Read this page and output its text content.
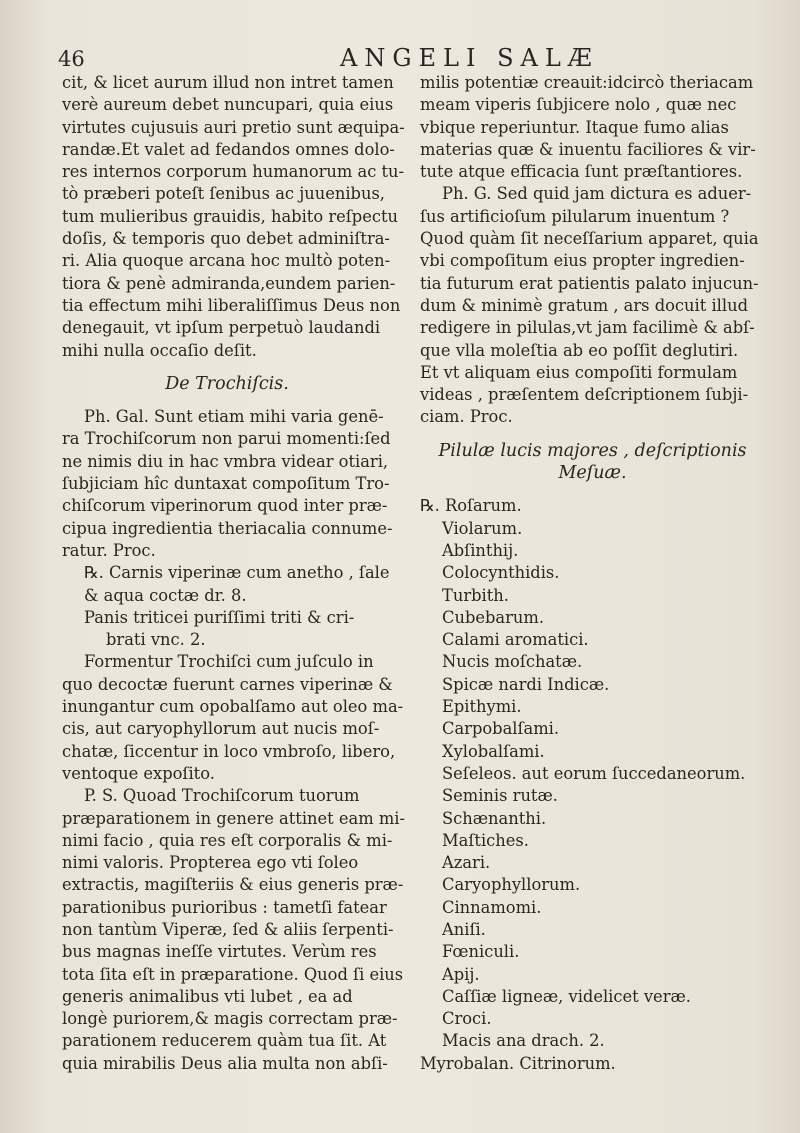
46	ANGELI SALÆ
cit, & licet aurum illud non intret tamen
verè aureum debet nuncupari, quia eius
virtutes cujusuis auri pretio sunt æquipa-
randæ.Et valet ad fedandos omnes dolo-
res internos corporum humanorum ac tu-
tò præberi poteſt ſenibus ac juuenibus,
tum mulieribus grauidis, habito reſpectu
doſis, & temporis quo debet adminiſtra-
ri. Alia quoque arcana hoc multò poten-
tiora & penè admiranda,eundem parien-
tia effectum mihi liberaliſſimus Deus non
denegauit, vt ipſum perpetuò laudandi
mihi nulla occaſio deſit.
De Trochiſcis.
Ph. Gal. Sunt etiam mihi varia genē-
ra Trochiſcorum non parui momenti:ſed
ne nimis diu in hac vmbra videar otiari,
ſubjiciam hîc duntaxat compoſitum Tro-
chiſcorum viperinorum quod inter præ-
cipua ingredientia theriacalia connume-
ratur. Proc.
℞. Carnis viperinæ cum anetho , ſale
& aqua coctæ dr. 8.
Panis triticei puriſſimi triti & cri-
brati vnc. 2.
Formentur Trochiſci cum juſculo in
quo decoctæ fuerunt carnes viperinæ &
inungantur cum opobalſamo aut oleo ma-
cis, aut caryophyllorum aut nucis moſ-
chatæ, ſiccentur in loco vmbroſo, libero,
ventoque expoſito.
P. S. Quoad Trochiſcorum tuorum
præparationem in genere attinet eam mi-
nimi facio , quia res eſt corporalis & mi-
nimi valoris. Propterea ego vti ſoleo
extractis, magiſteriis & eius generis præ-
parationibus purioribus : tametſi fatear
non tantùm Viperæ, ſed & aliis ſerpenti-
bus magnas ineſſe virtutes. Verùm res
tota ſita eſt in præparatione. Quod ſi eius
generis animalibus vti lubet , ea ad
longè puriorem,& magis correctam præ-
parationem reducerem quàm tua ſit. At
quia mirabilis Deus alia multa non abſi-
milis potentiæ creauit:idcircò theriacam
meam viperis ſubjicere nolo , quæ nec
vbique reperiuntur. Itaque fumo alias
materias quæ & inuentu faciliores & vir-
tute atque efficacia ſunt præſtantiores.
Ph. G. Sed quid jam dictura es aduer-
ſus artificioſum pilularum inuentum ?
Quod quàm ſit neceſſarium apparet, quia
vbi compoſitum eius propter ingredien-
tia futurum erat patientis palato injucun-
dum & minimè gratum , ars docuit illud
redigere in pilulas,vt jam facilimè & abſ-
que vlla moleſtia ab eo poſſit deglutiri.
Et vt aliquam eius compoſiti formulam
videas , præſentem deſcriptionem ſubji-
ciam. Proc.
Pilulæ lucis majores , deſcriptionis
Meſuæ.
℞. Roſarum.
Violarum.
Abſinthij.
Colocynthidis.
Turbith.
Cubebarum.
Calami aromatici.
Nucis moſchatæ.
Spicæ nardi Indicæ.
Epithymi.
Carpobalſami.
Xylobalſami.
Seſeleos. aut eorum ſuccedaneorum.
Seminis rutæ.
Schænanthi.
Maſtiches.
Azari.
Caryophyllorum.
Cinnamomi.
Aniſi.
Fœniculi.
Apij.
Caſſiæ ligneæ, videlicet veræ.
Croci.
Macis ana drach. 2.
Myrobalan. Citrinorum.
